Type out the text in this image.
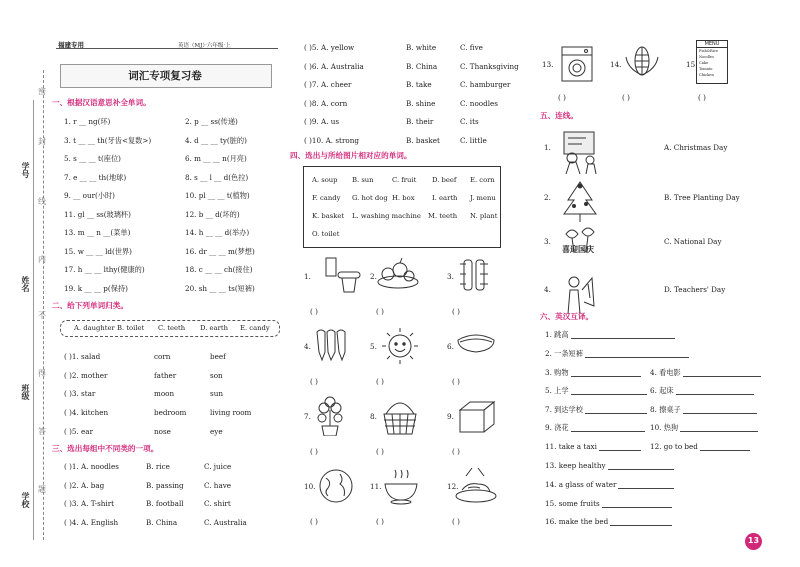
学号
姓名
班级
学校
密
封
线
内
不
得
答
题
福建专用	英语（MJ）·六年级·上
词汇专项复习卷
一、根据汉语意思补全单词。
1. r __ ng(环)	2. p __ ss(传递)
3. t __ __ th(牙齿<复数>)	4. d __ __ ty(脏的)
5. s __ __ t(座位)	6. m __ __ n(月亮)
7. e __ __ th(地球)	8. s __ l __ d(色拉)
9. __ our(小时)	10. pl __ __ t(植物)
11. gl __ ss(玻璃杯)	12. b __ d(坏的)
13. m __ n __(菜单)	14. h __ __ d(举办)
15. w __ __ ld(世界)	16. dr __ __ m(梦想)
17. h __ __ lthy(健康的)	18. c __ __ ch(接住)
19. k __ __ p(保持)	20. sh __ __ ts(短裤)
二、给下列单词归类。
A. daughter B. toilet C. teeth D. earth E. candy
( )1. salad	corn	beef
( )2. mother	father	son
( )3. star	moon	sun
( )4. kitchen	bedroom	living room
( )5. ear	nose	eye
三、选出每组中不同类的一项。
( )1. A. noodles	B. rice	C. juice
( )2. A. bag	B. passing	C. have
( )3. A. T-shirt	B. football	C. shirt
( )4. A. English	B. China	C. Australia
( )5. A. yellow	B. white	C. five
( )6. A. Australia	B. China	C. Thanksgiving
( )7. A. cheer	B. take	C. hamburger
( )8. A. corn	B. shine	C. noodles
( )9. A. us	B. their	C. its
( )10. A. strong	B. basket	C. little
四、选出与所给图片相对应的单词。
A. soup B. sun	C. fruit D. beef E. corn
F. candy G. hot dog H. box	I. earth J. menu
K. basket L. washing machine M. teeth N. plant
O. toilet
1.
( )
2.
( )
3.
( )
4.
( )
5.
( )
6.
( )
7.
( )
8.
( )
9.
( )
10.
( )
11.
( )
12.
( )
13.
( )
14.
( )
15.
( )
MENU
Fish&Rice
Noodles
Cake
Tomato
Chicken
五、连线。
1.	A. Christmas Day
2.	B. Tree Planting Day
3.	C. National Day
4.	D. Teachers' Day
喜迎国庆
六、英汉互译。
1. 跳高
2. 一条短裤
3. 购物	4. 看电影
5. 上学	6. 起床
7. 到达学校	8. 擦桌子
9. 浇花	10. 热狗
11. take a taxi	12. go to bed
13. keep healthy
14. a glass of water
15. some fruits
16. make the bed
13
